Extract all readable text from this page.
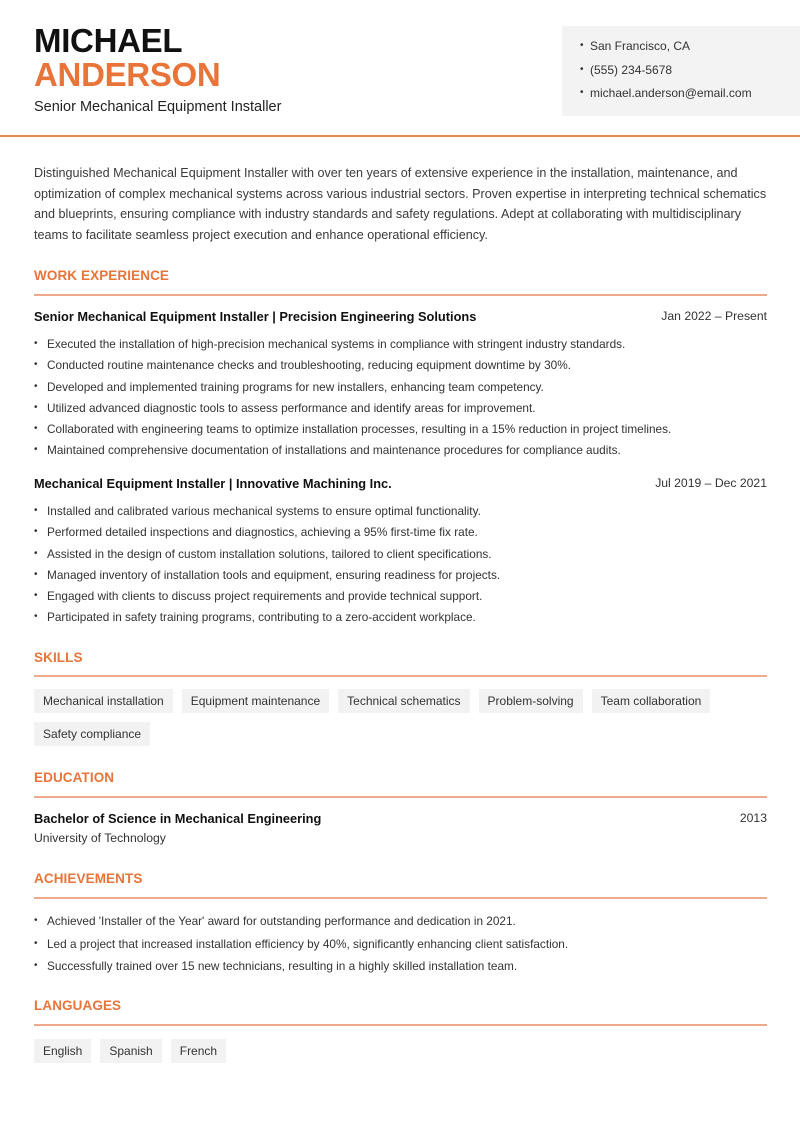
MICHAEL
ANDERSON
Senior Mechanical Equipment Installer
• San Francisco, CA
• (555) 234-5678
• michael.anderson@email.com

Distinguished Mechanical Equipment Installer with over ten years of extensive experience in the installation, maintenance, and optimization of complex mechanical systems across various industrial sectors. Proven expertise in interpreting technical schematics and blueprints, ensuring compliance with industry standards and safety regulations. Adept at collaborating with multidisciplinary teams to facilitate seamless project execution and enhance operational efficiency.

WORK EXPERIENCE
Senior Mechanical Equipment Installer | Precision Engineering Solutions	Jan 2022 – Present
• Executed the installation of high-precision mechanical systems in compliance with stringent industry standards.
• Conducted routine maintenance checks and troubleshooting, reducing equipment downtime by 30%.
• Developed and implemented training programs for new installers, enhancing team competency.
• Utilized advanced diagnostic tools to assess performance and identify areas for improvement.
• Collaborated with engineering teams to optimize installation processes, resulting in a 15% reduction in project timelines.
• Maintained comprehensive documentation of installations and maintenance procedures for compliance audits.
Mechanical Equipment Installer | Innovative Machining Inc.	Jul 2019 – Dec 2021
• Installed and calibrated various mechanical systems to ensure optimal functionality.
• Performed detailed inspections and diagnostics, achieving a 95% first-time fix rate.
• Assisted in the design of custom installation solutions, tailored to client specifications.
• Managed inventory of installation tools and equipment, ensuring readiness for projects.
• Engaged with clients to discuss project requirements and provide technical support.
• Participated in safety training programs, contributing to a zero-accident workplace.
SKILLS
Mechanical installation	Equipment maintenance	Technical schematics	Problem-solving	Team collaboration
Safety compliance
EDUCATION
Bachelor of Science in Mechanical Engineering	2013
University of Technology
ACHIEVEMENTS
• Achieved 'Installer of the Year' award for outstanding performance and dedication in 2021.
• Led a project that increased installation efficiency by 40%, significantly enhancing client satisfaction.
• Successfully trained over 15 new technicians, resulting in a highly skilled installation team.
LANGUAGES
English	Spanish	French
